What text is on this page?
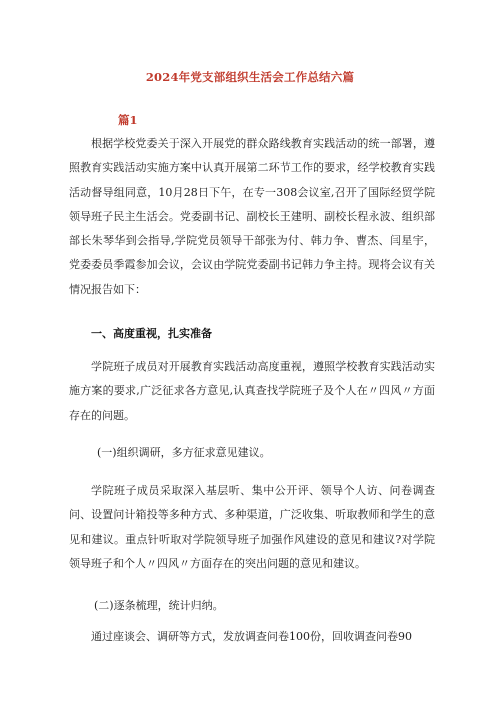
2024年党支部组织生活会工作总结六篇
篇1

根据学校党委关于深入开展党的群众路线教育实践活动的统一部署，遵照教育实践活动实施方案中认真开展第二环节工作的要求，经学校教育实践活动督导组同意，10月28日下午，在专一308会议室,召开了国际经贸学院领导班子民主生活会。党委副书记、副校长王建明、副校长程永波、组织部部长朱琴华到会指导,学院党员领导干部张为付、韩力争、曹杰、闫星宇，党委委员季霞参加会议，会议由学院党委副书记韩力争主持。现将会议有关情况报告如下：

一、高度重视，扎实准备

学院班子成员对开展教育实践活动高度重视，遵照学校教育实践活动实施方案的要求,广泛征求各方意见,认真查找学院班子及个人在〃四风〃方面存在的问题。

(一)组织调研，多方征求意见建议。

学院班子成员采取深入基层听、集中公开评、领导个人访、问卷调查问、设置问计箱投等多种方式、多种渠道，广泛收集、听取教师和学生的意见和建议。重点针听取对学院领导班子加强作风建设的意见和建议?对学院领导班子和个人〃四风〃方面存在的突出问题的意见和建议。

(二)逐条梳理，统计归纳。

通过座谈会、调研等方式，发放调查问卷100份，回收调查问卷90
